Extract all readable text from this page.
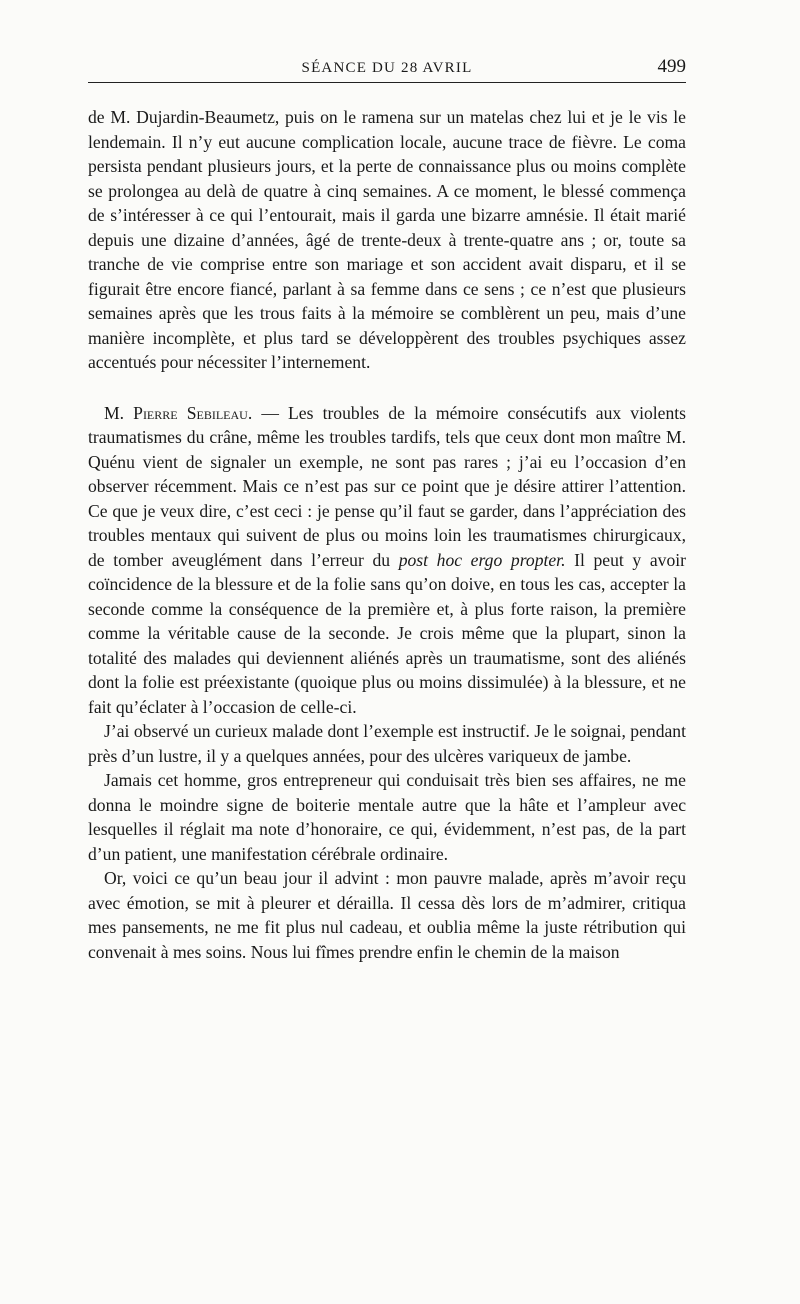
SÉANCE DU 28 AVRIL	499

de M. Dujardin-Beaumetz, puis on le ramena sur un matelas chez lui et je le vis le lendemain. Il n’y eut aucune complication locale, aucune trace de fièvre. Le coma persista pendant plusieurs jours, et la perte de connaissance plus ou moins complète se prolongea au delà de quatre à cinq semaines. A ce moment, le blessé commença de s’intéresser à ce qui l’entourait, mais il garda une bizarre amnésie. Il était marié depuis une dizaine d’années, âgé de trente-deux à trente-quatre ans ; or, toute sa tranche de vie comprise entre son mariage et son accident avait disparu, et il se figurait être encore fiancé, parlant à sa femme dans ce sens ; ce n’est que plusieurs semaines après que les trous faits à la mémoire se comblèrent un peu, mais d’une manière incomplète, et plus tard se développèrent des troubles psychiques assez accentués pour nécessiter l’internement.

M. Pierre Sebileau. — Les troubles de la mémoire consécutifs aux violents traumatismes du crâne, même les troubles tardifs, tels que ceux dont mon maître M. Quénu vient de signaler un exemple, ne sont pas rares ; j’ai eu l’occasion d’en observer récemment. Mais ce n’est pas sur ce point que je désire attirer l’attention. Ce que je veux dire, c’est ceci : je pense qu’il faut se garder, dans l’appréciation des troubles mentaux qui suivent de plus ou moins loin les traumatismes chirurgicaux, de tomber aveuglément dans l’erreur du post hoc ergo propter. Il peut y avoir coïncidence de la blessure et de la folie sans qu’on doive, en tous les cas, accepter la seconde comme la conséquence de la première et, à plus forte raison, la première comme la véritable cause de la seconde. Je crois même que la plupart, sinon la totalité des malades qui deviennent aliénés après un traumatisme, sont des aliénés dont la folie est préexistante (quoique plus ou moins dissimulée) à la blessure, et ne fait qu’éclater à l’occasion de celle-ci.

J’ai observé un curieux malade dont l’exemple est instructif. Je le soignai, pendant près d’un lustre, il y a quelques années, pour des ulcères variqueux de jambe.

Jamais cet homme, gros entrepreneur qui conduisait très bien ses affaires, ne me donna le moindre signe de boiterie mentale autre que la hâte et l’ampleur avec lesquelles il réglait ma note d’honoraire, ce qui, évidemment, n’est pas, de la part d’un patient, une manifestation cérébrale ordinaire.

Or, voici ce qu’un beau jour il advint : mon pauvre malade, après m’avoir reçu avec émotion, se mit à pleurer et dérailla. Il cessa dès lors de m’admirer, critiqua mes pansements, ne me fit plus nul cadeau, et oublia même la juste rétribution qui convenait à mes soins. Nous lui fîmes prendre enfin le chemin de la maison
